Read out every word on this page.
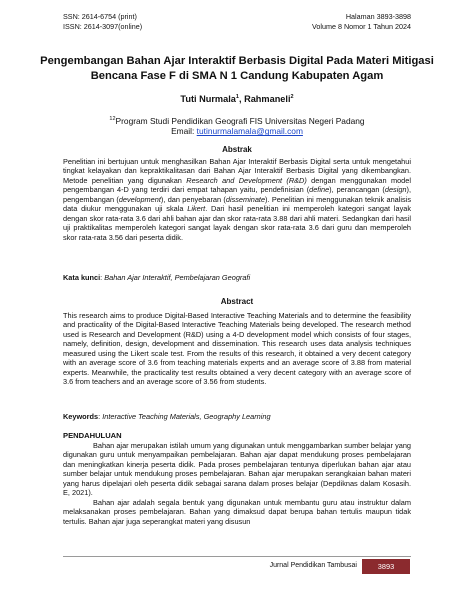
SSN: 2614-6754 (print)
ISSN: 2614-3097(online)
Halaman 3893-3898
Volume 8 Nomor 1 Tahun 2024
Pengembangan Bahan Ajar Interaktif Berbasis Digital Pada Materi Mitigasi Bencana Fase F di SMA N 1 Candung Kabupaten Agam
Tuti Nurmala$^1$, Rahmaneli$^2$
$^{12}$Program Studi Pendidikan Geografi FIS Universitas Negeri Padang
Email: tutinurmalamala@gmail.com
Abstrak
Penelitian ini bertujuan untuk menghasilkan Bahan Ajar Interaktif Berbasis Digital serta untuk mengetahui tingkat kelayakan dan kepraktikalitasan dari Bahan Ajar Interaktif Berbasis Digital yang dikembangkan. Metode penelitian yang digunakan Research and Development (R&D) dengan menggunakan model pengembangan 4-D yang terdiri dari empat tahapan yaitu, pendefinisian (define), perancangan (design), pengembangan (development), dan penyebaran (disseminate). Penelitian ini menggunakan teknik analisis data diukur menggunakan uji skala Likert. Dari hasil penelitian ini memperoleh kategori sangat layak dengan skor rata-rata 3.6 dari ahli bahan ajar dan skor rata-rata 3.88 dari ahli materi. Sedangkan dari hasil uji praktikalitas memperoleh kategori sangat layak dengan skor rata-rata 3.6 dari guru dan memperoleh skor rata-rata 3.56 dari peserta didik.
Kata kunci: Bahan Ajar Interaktif, Pembelajaran Geografi
Abstract
This research aims to produce Digital-Based Interactive Teaching Materials and to determine the feasibility and practicality of the Digital-Based Interactive Teaching Materials being developed. The research method used is Research and Development (R&D) using a 4-D development model which consists of four stages, namely, definition, design, development and dissemination. This research uses data analysis techniques measured using the Likert scale test. From the results of this research, it obtained a very decent category with an average score of 3.6 from teaching materials experts and an average score of 3.88 from material experts. Meanwhile, the practicality test results obtained a very decent category with an average score of 3.6 from teachers and an average score of 3.56 from students.
Keywords: Interactive Teaching Materials, Geography Learning
PENDAHULUAN
Bahan ajar merupakan istilah umum yang digunakan untuk menggambarkan sumber belajar yang digunakan guru untuk menyampaikan pembelajaran. Bahan ajar dapat mendukung proses pembelajaran dan meningkatkan kinerja peserta didik. Pada proses pembelajaran tentunya diperlukan bahan ajar atau sumber belajar untuk mendukung proses pembelajaran. Bahan ajar merupakan serangkaian bahan materi yang harus dipelajari oleh peserta didik sebagai sarana dalam proses belajar (Depdiknas dalam Kosasih. E, 2021).
Bahan ajar adalah segala bentuk yang digunakan untuk membantu guru atau instruktur dalam melaksanakan proses pembelajaran. Bahan yang dimaksud dapat berupa bahan tertulis maupun tidak tertulis. Bahan ajar juga seperangkat materi yang disusun
Jurnal Pendidikan Tambusai	3893
